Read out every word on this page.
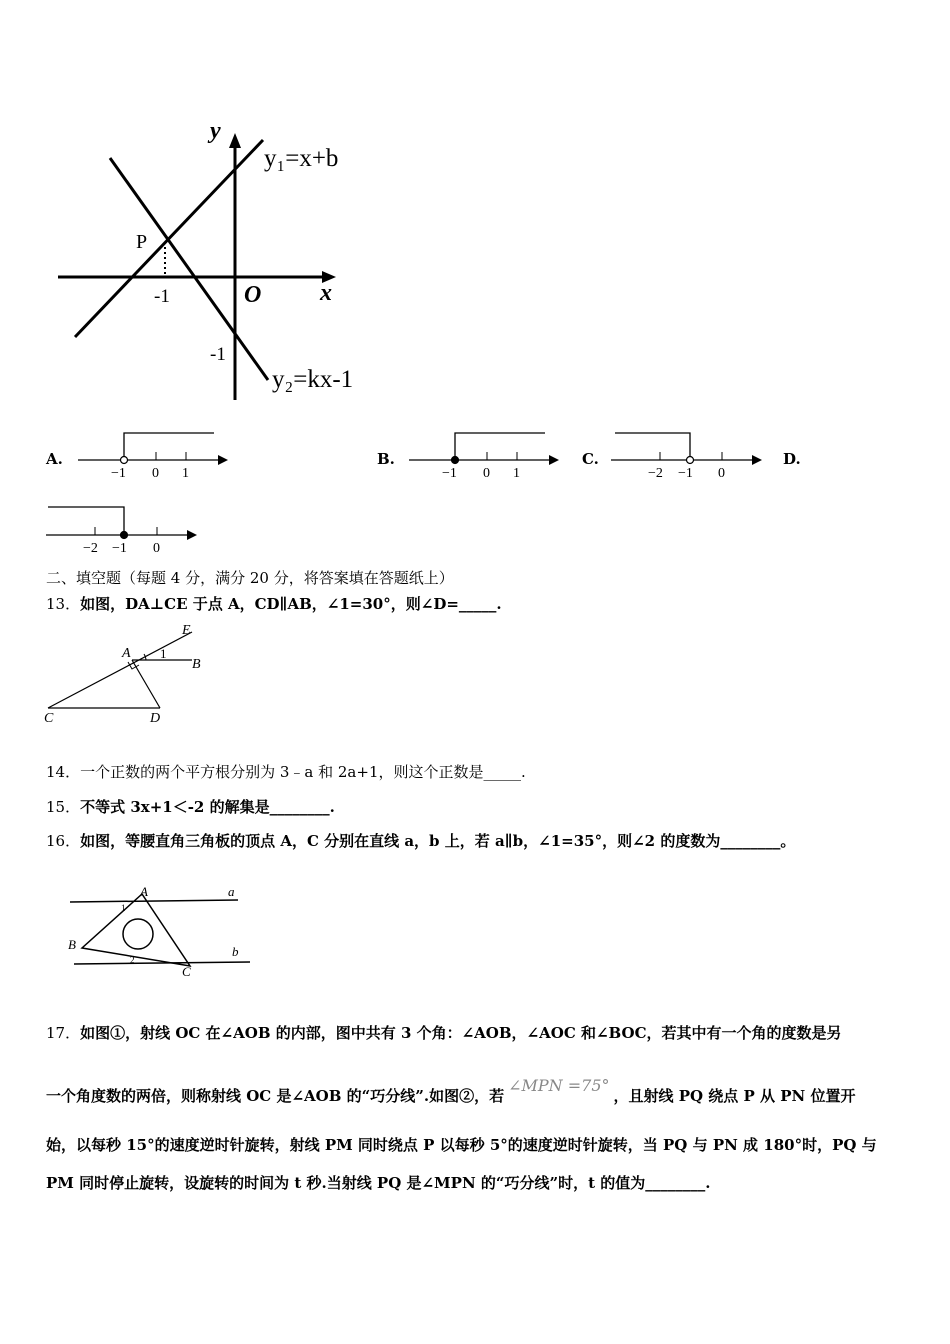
y
x
O
y₁=x+b
y₂=kx-1
P
-1
-1
A.
−1 0 1
B.
−1 0 1
C.
−2 −1 0
D.
−2 −1 0
二、填空题（每题 4 分，满分 20 分，将答案填在答题纸上）
13．如图，DA⊥CE 于点 A，CD∥AB，∠1=30°，则∠D=_____.
E
A 1
B
C	D
14．一个正数的两个平方根分别为 3﹣a 和 2a+1，则这个正数是_____.
15．不等式 3x+1＜-2 的解集是________.
16．如图，等腰直角三角板的顶点 A，C 分别在直线 a，b 上，若 a∥b，∠1=35°，则∠2 的度数为________。
A	a
1
B
2
C
b
17．如图①，射线 OC 在∠AOB 的内部，图中共有 3 个角：∠AOB，∠AOC 和∠BOC，若其中有一个角的度数是另
一个角度数的两倍，则称射线 OC 是∠AOB 的“巧分线”.如图②，若∠MPN =75°，且射线 PQ 绕点 P 从 PN 位置开
始，以每秒 15°的速度逆时针旋转，射线 PM 同时绕点 P 以每秒 5°的速度逆时针旋转，当 PQ 与 PN 成 180°时，PQ 与
PM 同时停止旋转，设旋转的时间为 t 秒.当射线 PQ 是∠MPN 的“巧分线”时，t 的值为________.
